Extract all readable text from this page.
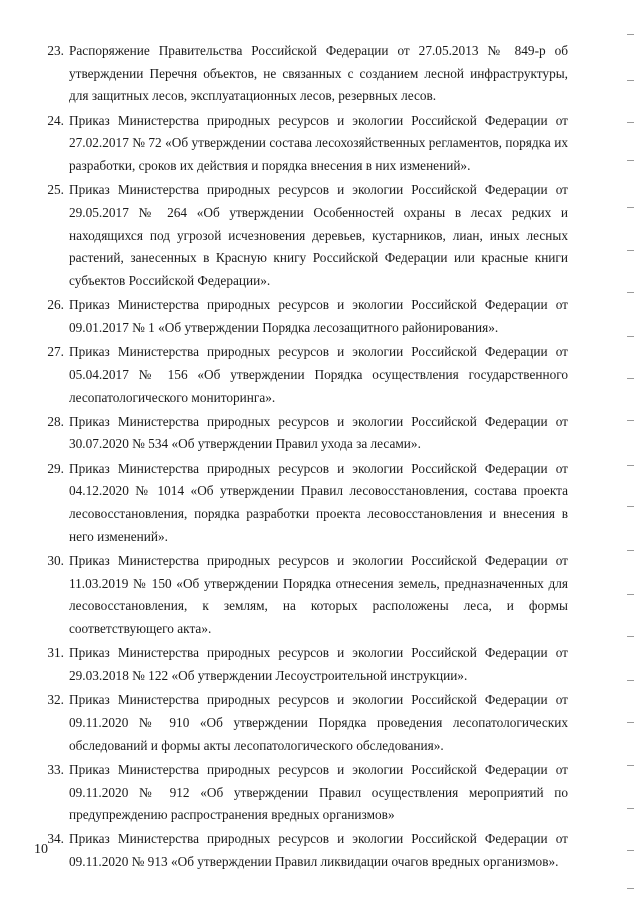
23. Распоряжение Правительства Российской Федерации от 27.05.2013 № 849-р об утверждении Перечня объектов, не связанных с созданием лесной инфраструктуры, для защитных лесов, эксплуатационных лесов, резервных лесов.
24. Приказ Министерства природных ресурсов и экологии Российской Федерации от 27.02.2017 № 72 «Об утверждении состава лесохозяйственных регламентов, порядка их разработки, сроков их действия и порядка внесения в них изменений».
25. Приказ Министерства природных ресурсов и экологии Российской Федерации от 29.05.2017 № 264 «Об утверждении Особенностей охраны в лесах редких и находящихся под угрозой исчезновения деревьев, кустарников, лиан, иных лесных растений, занесенных в Красную книгу Российской Федерации или красные книги субъектов Российской Федерации».
26. Приказ Министерства природных ресурсов и экологии Российской Федерации от 09.01.2017 № 1 «Об утверждении Порядка лесозащитного районирования».
27. Приказ Министерства природных ресурсов и экологии Российской Федерации от 05.04.2017 № 156 «Об утверждении Порядка осуществления государственного лесопатологического мониторинга».
28. Приказ Министерства природных ресурсов и экологии Российской Федерации от 30.07.2020 № 534 «Об утверждении Правил ухода за лесами».
29. Приказ Министерства природных ресурсов и экологии Российской Федерации от 04.12.2020 № 1014 «Об утверждении Правил лесовосстановления, состава проекта лесовосстановления, порядка разработки проекта лесовосстановления и внесения в него изменений».
30. Приказ Министерства природных ресурсов и экологии Российской Федерации от 11.03.2019 № 150 «Об утверждении Порядка отнесения земель, предназначенных для лесовосстановления, к землям, на которых расположены леса, и формы соответствующего акта».
31. Приказ Министерства природных ресурсов и экологии Российской Федерации от 29.03.2018 № 122 «Об утверждении Лесоустроительной инструкции».
32. Приказ Министерства природных ресурсов и экологии Российской Федерации от 09.11.2020 № 910 «Об утверждении Порядка проведения лесопатологических обследований и формы акты лесопатологического обследования».
33. Приказ Министерства природных ресурсов и экологии Российской Федерации от 09.11.2020 № 912 «Об утверждении Правил осуществления мероприятий по предупреждению распространения вредных организмов»
34. Приказ Министерства природных ресурсов и экологии Российской Федерации от 09.11.2020 № 913 «Об утверждении Правил ликвидации очагов вредных организмов».
10
